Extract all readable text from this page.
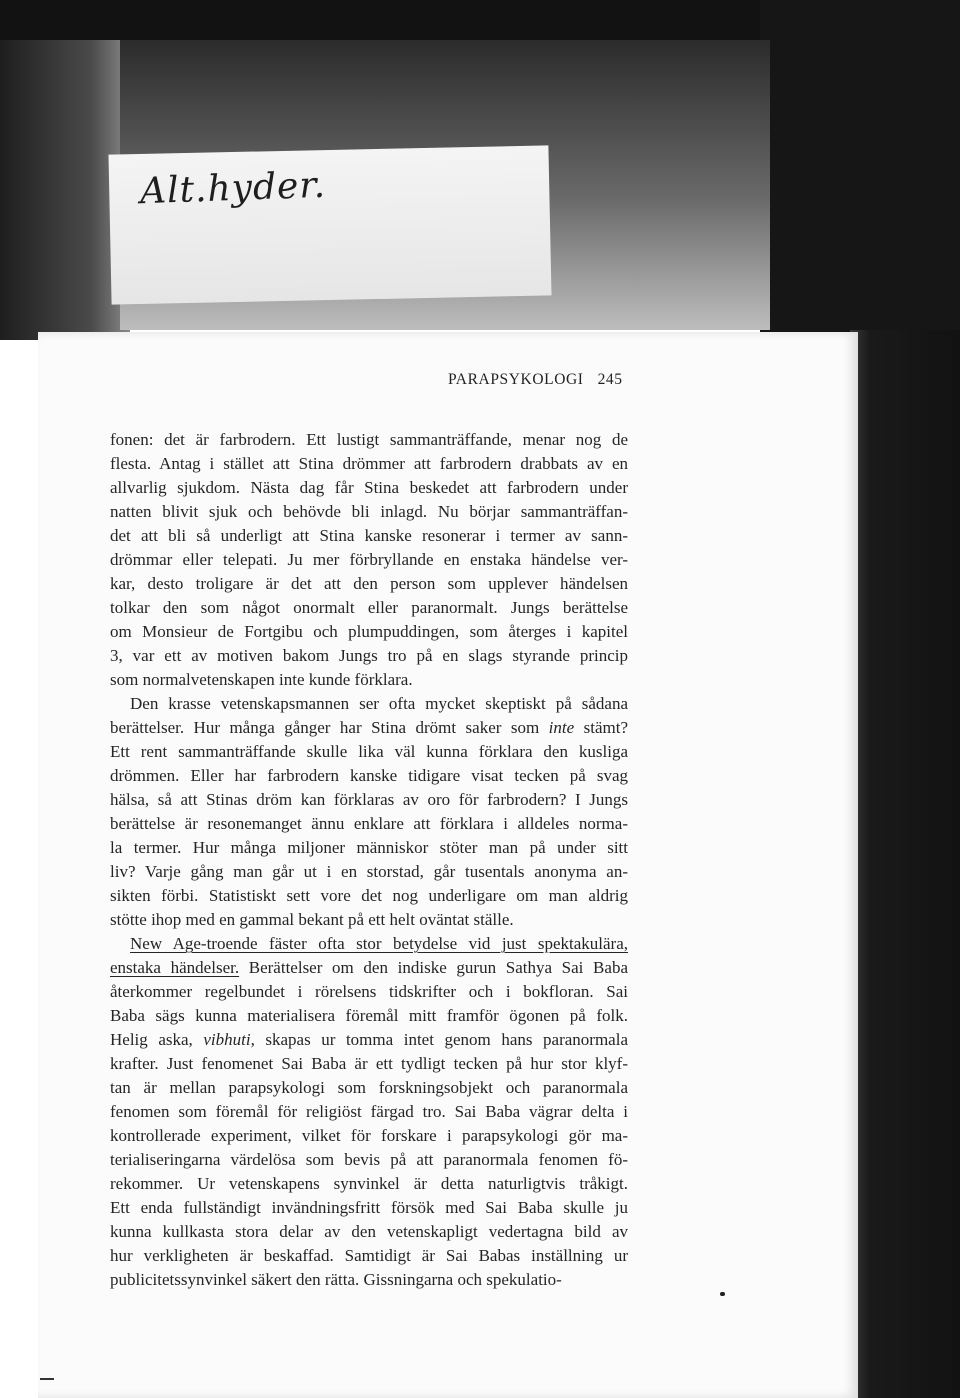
Alt.hyder.
PARAPSYKOLOGI 245
fonen: det är farbrodern. Ett lustigt sammanträffande, menar nog de
flesta. Antag i stället att Stina drömmer att farbrodern drabbats av en
allvarlig sjukdom. Nästa dag får Stina beskedet att farbrodern under
natten blivit sjuk och behövde bli inlagd. Nu börjar sammanträffan-
det att bli så underligt att Stina kanske resonerar i termer av sann-
drömmar eller telepati. Ju mer förbryllande en enstaka händelse ver-
kar, desto troligare är det att den person som upplever händelsen
tolkar den som något onormalt eller paranormalt. Jungs berättelse
om Monsieur de Fortgibu och plumpuddingen, som återges i kapitel
3, var ett av motiven bakom Jungs tro på en slags styrande princip
som normalvetenskapen inte kunde förklara.
Den krasse vetenskapsmannen ser ofta mycket skeptiskt på sådana
berättelser. Hur många gånger har Stina drömt saker som inte stämt?
Ett rent sammanträffande skulle lika väl kunna förklara den kusliga
drömmen. Eller har farbrodern kanske tidigare visat tecken på svag
hälsa, så att Stinas dröm kan förklaras av oro för farbrodern? I Jungs
berättelse är resonemanget ännu enklare att förklara i alldeles norma-
la termer. Hur många miljoner människor stöter man på under sitt
liv? Varje gång man går ut i en storstad, går tusentals anonyma an-
sikten förbi. Statistiskt sett vore det nog underligare om man aldrig
stötte ihop med en gammal bekant på ett helt oväntat ställe.
New Age-troende fäster ofta stor betydelse vid just spektakulära,
enstaka händelser. Berättelser om den indiske gurun Sathya Sai Baba
återkommer regelbundet i rörelsens tidskrifter och i bokfloran. Sai
Baba sägs kunna materialisera föremål mitt framför ögonen på folk.
Helig aska, vibhuti, skapas ur tomma intet genom hans paranormala
krafter. Just fenomenet Sai Baba är ett tydligt tecken på hur stor klyf-
tan är mellan parapsykologi som forskningsobjekt och paranormala
fenomen som föremål för religiöst färgad tro. Sai Baba vägrar delta i
kontrollerade experiment, vilket för forskare i parapsykologi gör ma-
terialiseringarna värdelösa som bevis på att paranormala fenomen fö-
rekommer. Ur vetenskapens synvinkel är detta naturligtvis tråkigt.
Ett enda fullständigt invändningsfritt försök med Sai Baba skulle ju
kunna kullkasta stora delar av den vetenskapligt vedertagna bild av
hur verkligheten är beskaffad. Samtidigt är Sai Babas inställning ur
publicitetssynvinkel säkert den rätta. Gissningarna och spekulatio-
